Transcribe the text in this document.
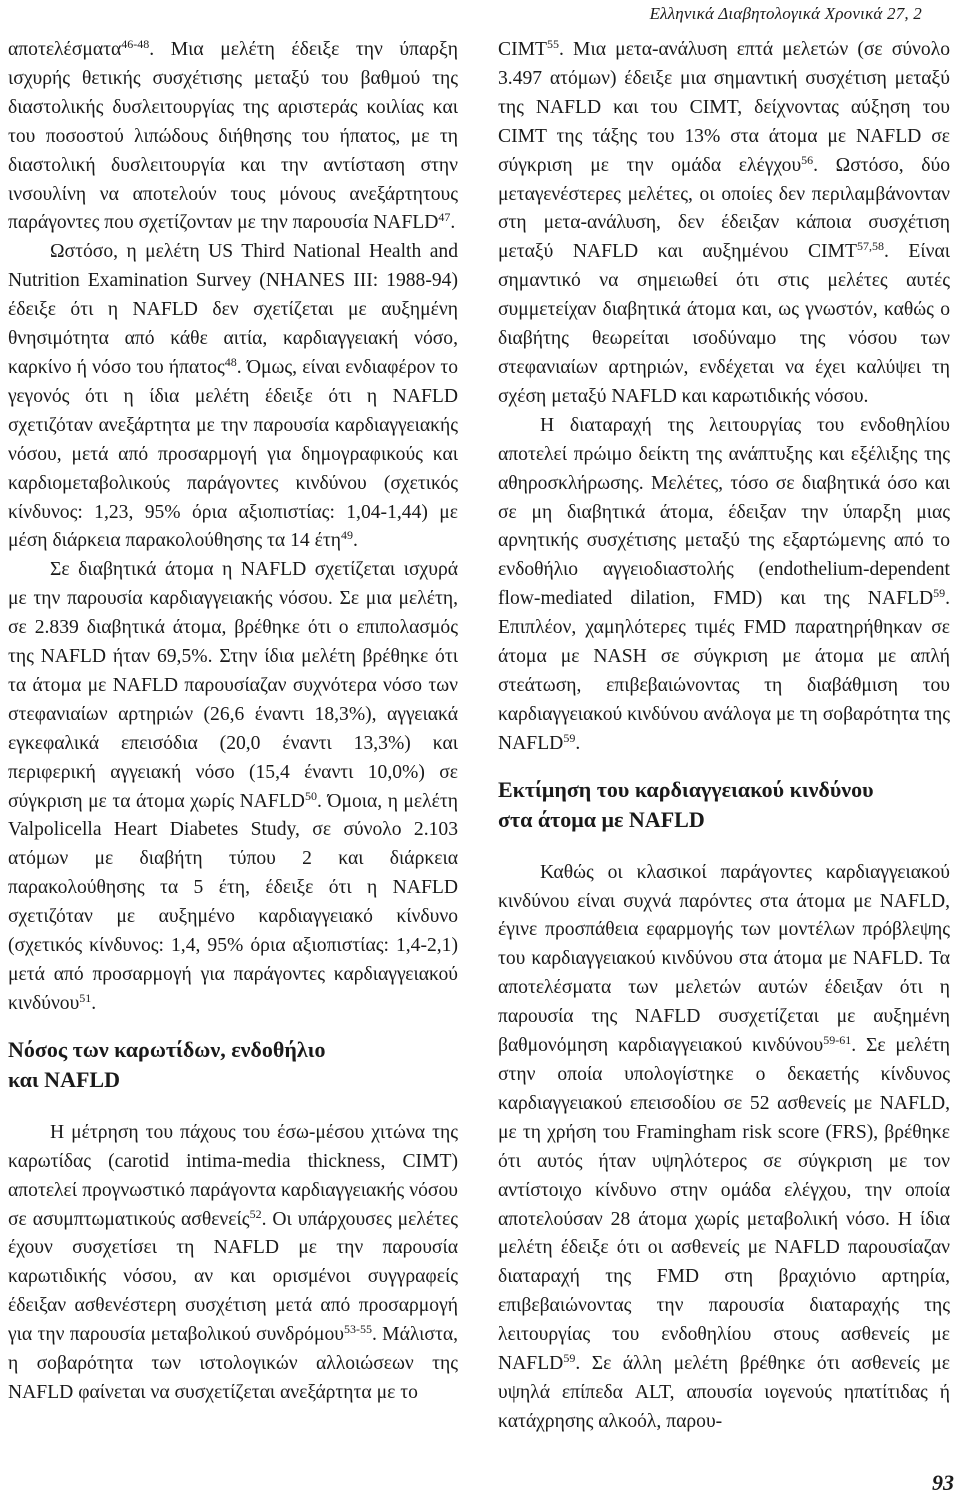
Ελληνικά Διαβητολογικά Χρονικά 27, 2

αποτελέσματα$^{46-48}$. Μια μελέτη έδειξε την ύπαρξη ισχυρής θετικής συσχέτισης μεταξύ του βαθμού της διαστολικής δυσλειτουργίας της αριστεράς κοιλίας και του ποσοστού λιπώδους διήθησης του ήπατος, με τη διαστολική δυσλειτουργία και την αντίσταση στην ινσουλίνη να αποτελούν τους μόνους ανεξάρτητους παράγοντες που σχετίζονταν με την παρουσία NAFLD$^{47}$.

Ωστόσο, η μελέτη US Third National Health and Nutrition Examination Survey (NHANES III: 1988-94) έδειξε ότι η NAFLD δεν σχετίζεται με αυξημένη θνησιμότητα από κάθε αιτία, καρδιαγγειακή νόσο, καρκίνο ή νόσο του ήπατος$^{48}$. Όμως, είναι ενδιαφέρον το γεγονός ότι η ίδια μελέτη έδειξε ότι η NAFLD σχετιζόταν ανεξάρτητα με την παρουσία καρδιαγγειακής νόσου, μετά από προσαρμογή για δημογραφικούς και καρδιομεταβολικούς παράγοντες κινδύνου (σχετικός κίνδυνος: 1,23, 95% όρια αξιοπιστίας: 1,04-1,44) με μέση διάρκεια παρακολούθησης τα 14 έτη$^{49}$.

Σε διαβητικά άτομα η NAFLD σχετίζεται ισχυρά με την παρουσία καρδιαγγειακής νόσου. Σε μια μελέτη, σε 2.839 διαβητικά άτομα, βρέθηκε ότι ο επιπολασμός της NAFLD ήταν 69,5%. Στην ίδια μελέτη βρέθηκε ότι τα άτομα με NAFLD παρουσίαζαν συχνότερα νόσο των στεφανιαίων αρτηριών (26,6 έναντι 18,3%), αγγειακά εγκεφαλικά επεισόδια (20,0 έναντι 13,3%) και περιφερική αγγειακή νόσο (15,4 έναντι 10,0%) σε σύγκριση με τα άτομα χωρίς NAFLD$^{50}$. Όμοια, η μελέτη Valpolicella Heart Diabetes Study, σε σύνολο 2.103 ατόμων με διαβήτη τύπου 2 και διάρκεια παρακολούθησης τα 5 έτη, έδειξε ότι η NAFLD σχετιζόταν με αυξημένο καρδιαγγειακό κίνδυνο (σχετικός κίνδυνος: 1,4, 95% όρια αξιοπιστίας: 1,4-2,1) μετά από προσαρμογή για παράγοντες καρδιαγγειακού κινδύνου$^{51}$.

Νόσος των καρωτίδων, ενδοθήλιο
και NAFLD

Η μέτρηση του πάχους του έσω-μέσου χιτώνα της καρωτίδας (carotid intima-media thickness, CIMT) αποτελεί προγνωστικό παράγοντα καρδιαγγειακής νόσου σε ασυμπτωματικούς ασθενείς$^{52}$. Οι υπάρχουσες μελέτες έχουν συσχετίσει τη NAFLD με την παρουσία καρωτιδικής νόσου, αν και ορισμένοι συγγραφείς έδειξαν ασθενέστερη συσχέτιση μετά από προσαρμογή για την παρουσία μεταβολικού συνδρόμου$^{53-55}$. Μάλιστα, η σοβαρότητα των ιστολογικών αλλοιώσεων της NAFLD φαίνεται να συσχετίζεται ανεξάρτητα με το

CIMT$^{55}$. Μια μετα-ανάλυση επτά μελετών (σε σύνολο 3.497 ατόμων) έδειξε μια σημαντική συσχέτιση μεταξύ της NAFLD και του CIMT, δείχνοντας αύξηση του CIMT της τάξης του 13% στα άτομα με NAFLD σε σύγκριση με την ομάδα ελέγχου$^{56}$. Ωστόσο, δύο μεταγενέστερες μελέτες, οι οποίες δεν περιλαμβάνονταν στη μετα-ανάλυση, δεν έδειξαν κάποια συσχέτιση μεταξύ NAFLD και αυξημένου CIMT$^{57,58}$. Είναι σημαντικό να σημειωθεί ότι στις μελέτες αυτές συμμετείχαν διαβητικά άτομα και, ως γνωστόν, καθώς ο διαβήτης θεωρείται ισοδύναμο της νόσου των στεφανιαίων αρτηριών, ενδέχεται να έχει καλύψει τη σχέση μεταξύ NAFLD και καρωτιδικής νόσου.

Η διαταραχή της λειτουργίας του ενδοθηλίου αποτελεί πρώιμο δείκτη της ανάπτυξης και εξέλιξης της αθηροσκλήρωσης. Μελέτες, τόσο σε διαβητικά όσο και σε μη διαβητικά άτομα, έδειξαν την ύπαρξη μιας αρνητικής συσχέτισης μεταξύ της εξαρτώμενης από το ενδοθήλιο αγγειοδιαστολής (endothelium-dependent flow-mediated dilation, FMD) και της NAFLD$^{59}$. Επιπλέον, χαμηλότερες τιμές FMD παρατηρήθηκαν σε άτομα με NASH σε σύγκριση με άτομα με απλή στεάτωση, επιβεβαιώνοντας τη διαβάθμιση του καρδιαγγειακού κινδύνου ανάλογα με τη σοβαρότητα της NAFLD$^{59}$.

Εκτίμηση του καρδιαγγειακού κινδύνου
στα άτομα με NAFLD

Καθώς οι κλασικοί παράγοντες καρδιαγγειακού κινδύνου είναι συχνά παρόντες στα άτομα με NAFLD, έγινε προσπάθεια εφαρμογής των μοντέλων πρόβλεψης του καρδιαγγειακού κινδύνου στα άτομα με NAFLD. Τα αποτελέσματα των μελετών αυτών έδειξαν ότι η παρουσία της NAFLD συσχετίζεται με αυξημένη βαθμονόμηση καρδιαγγειακού κινδύνου$^{59-61}$. Σε μελέτη στην οποία υπολογίστηκε ο δεκαετής κίνδυνος καρδιαγγειακού επεισοδίου σε 52 ασθενείς με NAFLD, με τη χρήση του Framingham risk score (FRS), βρέθηκε ότι αυτός ήταν υψηλότερος σε σύγκριση με τον αντίστοιχο κίνδυνο στην ομάδα ελέγχου, την οποία αποτελούσαν 28 άτομα χωρίς μεταβολική νόσο. Η ίδια μελέτη έδειξε ότι οι ασθενείς με NAFLD παρουσίαζαν διαταραχή της FMD στη βραχιόνιο αρτηρία, επιβεβαιώνοντας την παρουσία διαταραχής της λειτουργίας του ενδοθηλίου στους ασθενείς με NAFLD$^{59}$. Σε άλλη μελέτη βρέθηκε ότι ασθενείς με υψηλά επίπεδα ALT, απουσία ιογενούς ηπατίτιδας ή κατάχρησης αλκοόλ, παρου-

93
